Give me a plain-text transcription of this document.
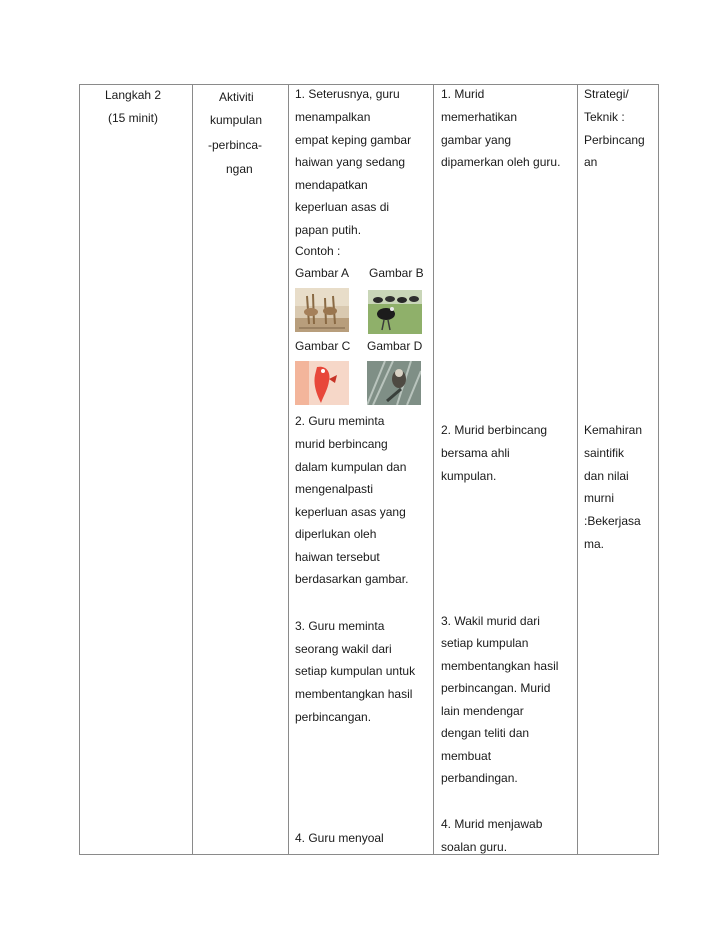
Langkah 2
(15 minit)
Aktiviti
kumpulan
-perbinca-
ngan
1. Seterusnya, guru
menampalkan
empat keping gambar
haiwan yang sedang
mendapatkan
keperluan asas di
papan putih.
Contoh :
Gambar A Gambar B
Gambar C Gambar D
2. Guru meminta
murid berbincang
dalam kumpulan dan
mengenalpasti
keperluan asas yang
diperlukan oleh
haiwan tersebut
berdasarkan gambar.
3. Guru meminta
seorang wakil dari
setiap kumpulan untuk
membentangkan hasil
perbincangan.
4. Guru menyoal
1. Murid
memerhatikan
gambar yang
dipamerkan oleh guru.
2. Murid berbincang
bersama ahli
kumpulan.
3. Wakil murid dari
setiap kumpulan
membentangkan hasil
perbincangan. Murid
lain mendengar
dengan teliti dan
membuat
perbandingan.
4. Murid menjawab
soalan guru.
Strategi/
Teknik :
Perbincang
an
Kemahiran
saintifik
dan nilai
murni
:Bekerjasa
ma.
